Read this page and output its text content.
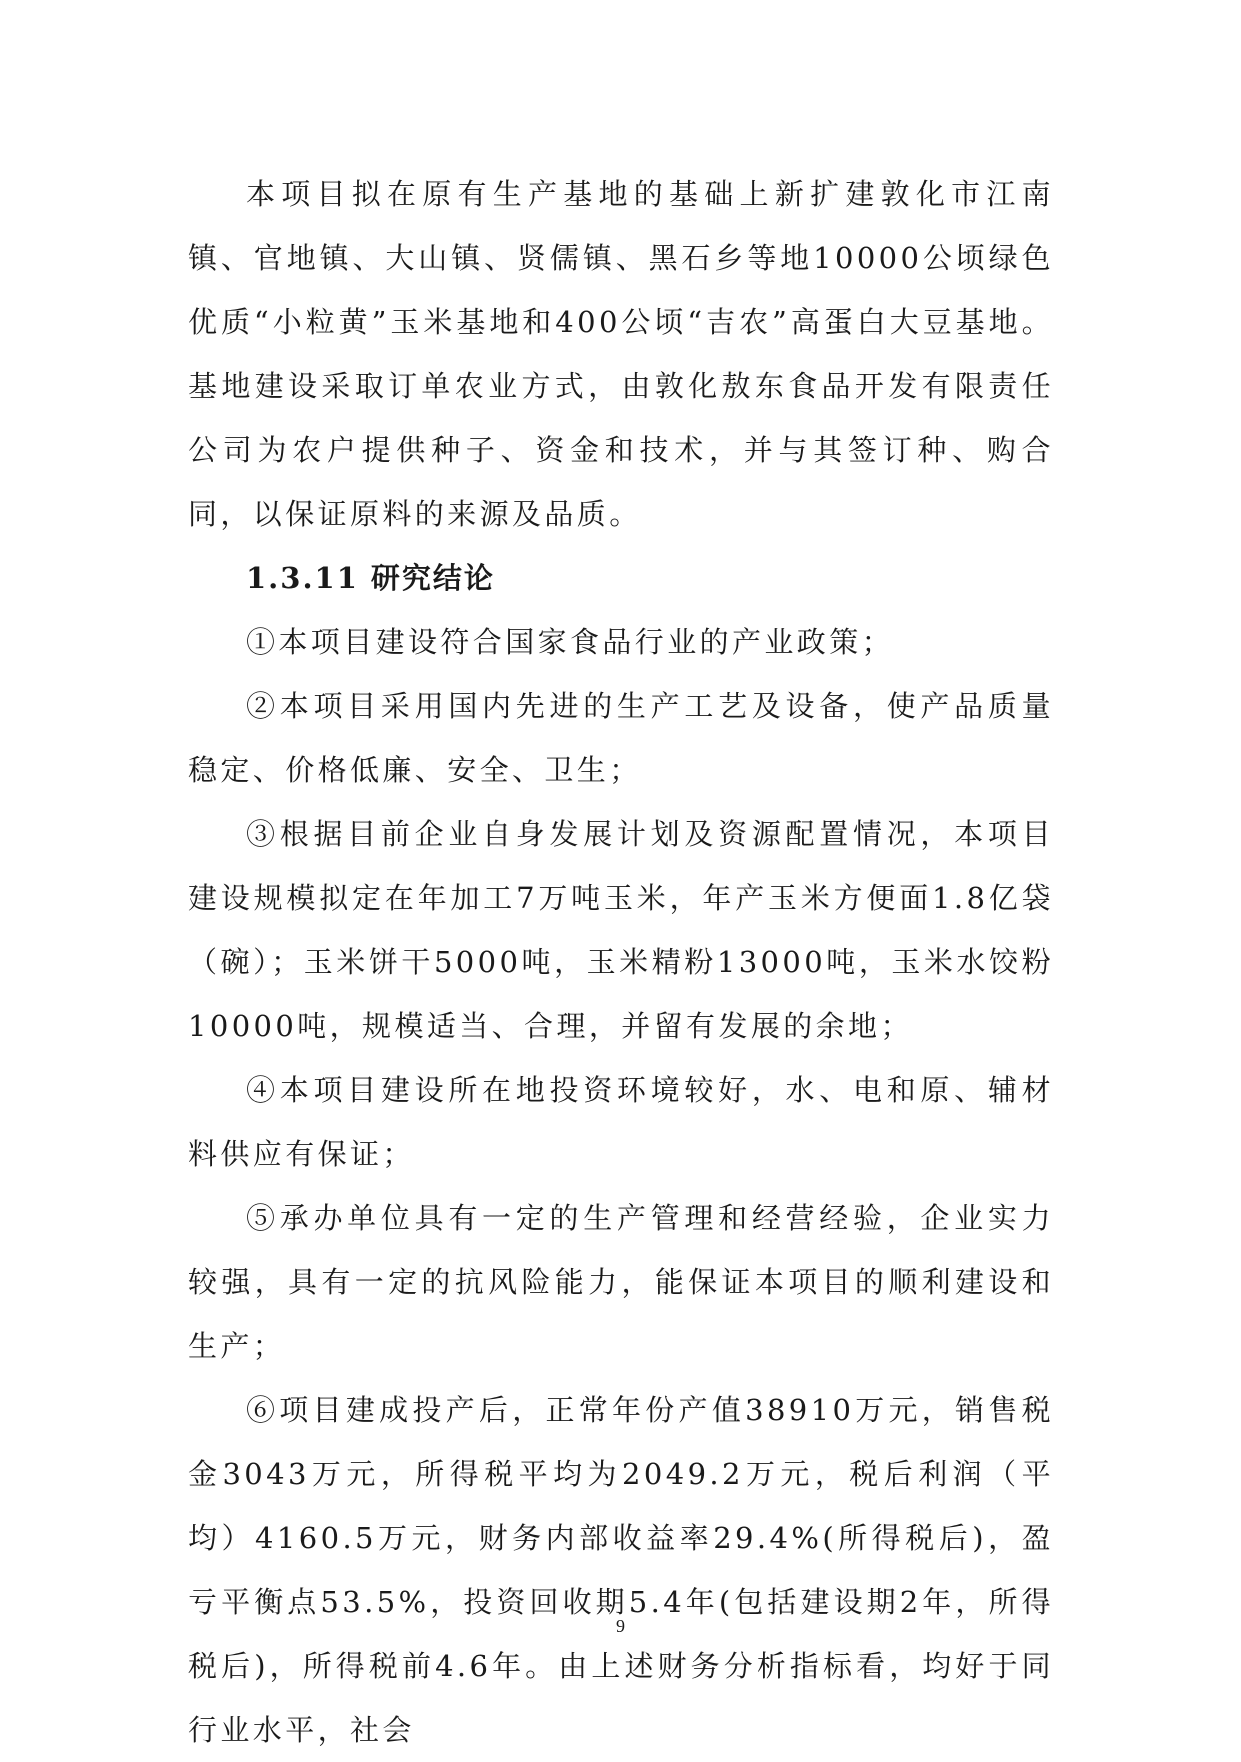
本项目拟在原有生产基地的基础上新扩建敦化市江南镇、官地镇、大山镇、贤儒镇、黑石乡等地10000公顷绿色优质“小粒黄”玉米基地和400公顷“吉农”高蛋白大豆基地。基地建设采取订单农业方式，由敦化敖东食品开发有限责任公司为农户提供种子、资金和技术，并与其签订种、购合同，以保证原料的来源及品质。

1.3.11 研究结论

①本项目建设符合国家食品行业的产业政策；

②本项目采用国内先进的生产工艺及设备，使产品质量稳定、价格低廉、安全、卫生；

③根据目前企业自身发展计划及资源配置情况，本项目建设规模拟定在年加工7万吨玉米，年产玉米方便面1.8亿袋（碗）；玉米饼干5000吨，玉米精粉13000吨，玉米水饺粉10000吨，规模适当、合理，并留有发展的余地；

④本项目建设所在地投资环境较好，水、电和原、辅材料供应有保证；

⑤承办单位具有一定的生产管理和经营经验，企业实力较强，具有一定的抗风险能力，能保证本项目的顺利建设和生产；

⑥项目建成投产后，正常年份产值38910万元，销售税金3043万元，所得税平均为2049.2万元，税后利润（平均）4160.5万元，财务内部收益率29.4%(所得税后)，盈亏平衡点53.5%，投资回收期5.4年(包括建设期2年，所得税后)，所得税前4.6年。由上述财务分析指标看，均好于同行业水平，社会

9
